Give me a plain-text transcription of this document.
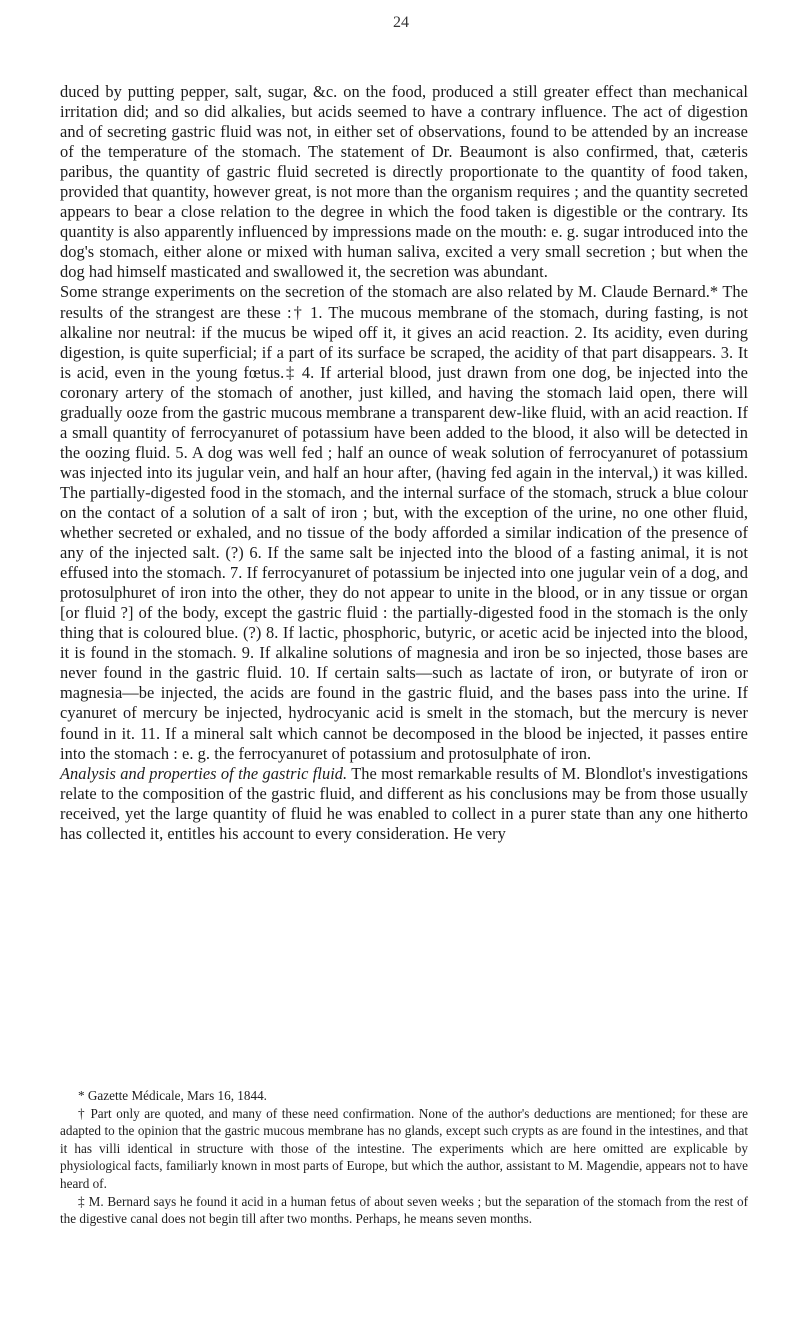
24

duced by putting pepper, salt, sugar, &c. on the food, produced a still greater effect than mechanical irritation did; and so did alkalies, but acids seemed to have a contrary influence. The act of digestion and of secreting gastric fluid was not, in either set of observations, found to be attended by an increase of the temperature of the stomach. The statement of Dr. Beaumont is also confirmed, that, cæteris paribus, the quantity of gastric fluid secreted is directly proportionate to the quantity of food taken, provided that quantity, however great, is not more than the organism requires ; and the quantity secreted appears to bear a close relation to the degree in which the food taken is digestible or the contrary. Its quantity is also apparently influenced by impressions made on the mouth: e. g. sugar introduced into the dog's stomach, either alone or mixed with human saliva, excited a very small secretion ; but when the dog had himself masticated and swallowed it, the secretion was abundant.

Some strange experiments on the secretion of the stomach are also related by M. Claude Bernard.* The results of the strangest are these :† 1. The mucous membrane of the stomach, during fasting, is not alkaline nor neutral: if the mucus be wiped off it, it gives an acid reaction. 2. Its acidity, even during digestion, is quite superficial; if a part of its surface be scraped, the acidity of that part disappears. 3. It is acid, even in the young fœtus.‡ 4. If arterial blood, just drawn from one dog, be injected into the coronary artery of the stomach of another, just killed, and having the stomach laid open, there will gradually ooze from the gastric mucous membrane a transparent dew-like fluid, with an acid reaction. If a small quantity of ferrocyanuret of potassium have been added to the blood, it also will be detected in the oozing fluid. 5. A dog was well fed ; half an ounce of weak solution of ferrocyanuret of potassium was injected into its jugular vein, and half an hour after, (having fed again in the interval,) it was killed. The partially-digested food in the stomach, and the internal surface of the stomach, struck a blue colour on the contact of a solution of a salt of iron ; but, with the exception of the urine, no one other fluid, whether secreted or exhaled, and no tissue of the body afforded a similar indication of the presence of any of the injected salt. (?) 6. If the same salt be injected into the blood of a fasting animal, it is not effused into the stomach. 7. If ferrocyanuret of potassium be injected into one jugular vein of a dog, and protosulphuret of iron into the other, they do not appear to unite in the blood, or in any tissue or organ [or fluid ?] of the body, except the gastric fluid : the partially-digested food in the stomach is the only thing that is coloured blue. (?) 8. If lactic, phosphoric, butyric, or acetic acid be injected into the blood, it is found in the stomach. 9. If alkaline solutions of magnesia and iron be so injected, those bases are never found in the gastric fluid. 10. If certain salts—such as lactate of iron, or butyrate of iron or magnesia—be injected, the acids are found in the gastric fluid, and the bases pass into the urine. If cyanuret of mercury be injected, hydrocyanic acid is smelt in the stomach, but the mercury is never found in it. 11. If a mineral salt which cannot be decomposed in the blood be injected, it passes entire into the stomach : e. g. the ferrocyanuret of potassium and protosulphate of iron.

Analysis and properties of the gastric fluid. The most remarkable results of M. Blondlot's investigations relate to the composition of the gastric fluid, and different as his conclusions may be from those usually received, yet the large quantity of fluid he was enabled to collect in a purer state than any one hitherto has collected it, entitles his account to every consideration. He very

* Gazette Médicale, Mars 16, 1844.

† Part only are quoted, and many of these need confirmation. None of the author's deductions are mentioned; for these are adapted to the opinion that the gastric mucous membrane has no glands, except such crypts as are found in the intestines, and that it has villi identical in structure with those of the intestine. The experiments which are here omitted are explicable by physiological facts, familiarly known in most parts of Europe, but which the author, assistant to M. Magendie, appears not to have heard of.

‡ M. Bernard says he found it acid in a human fetus of about seven weeks ; but the separation of the stomach from the rest of the digestive canal does not begin till after two months. Perhaps, he means seven months.
